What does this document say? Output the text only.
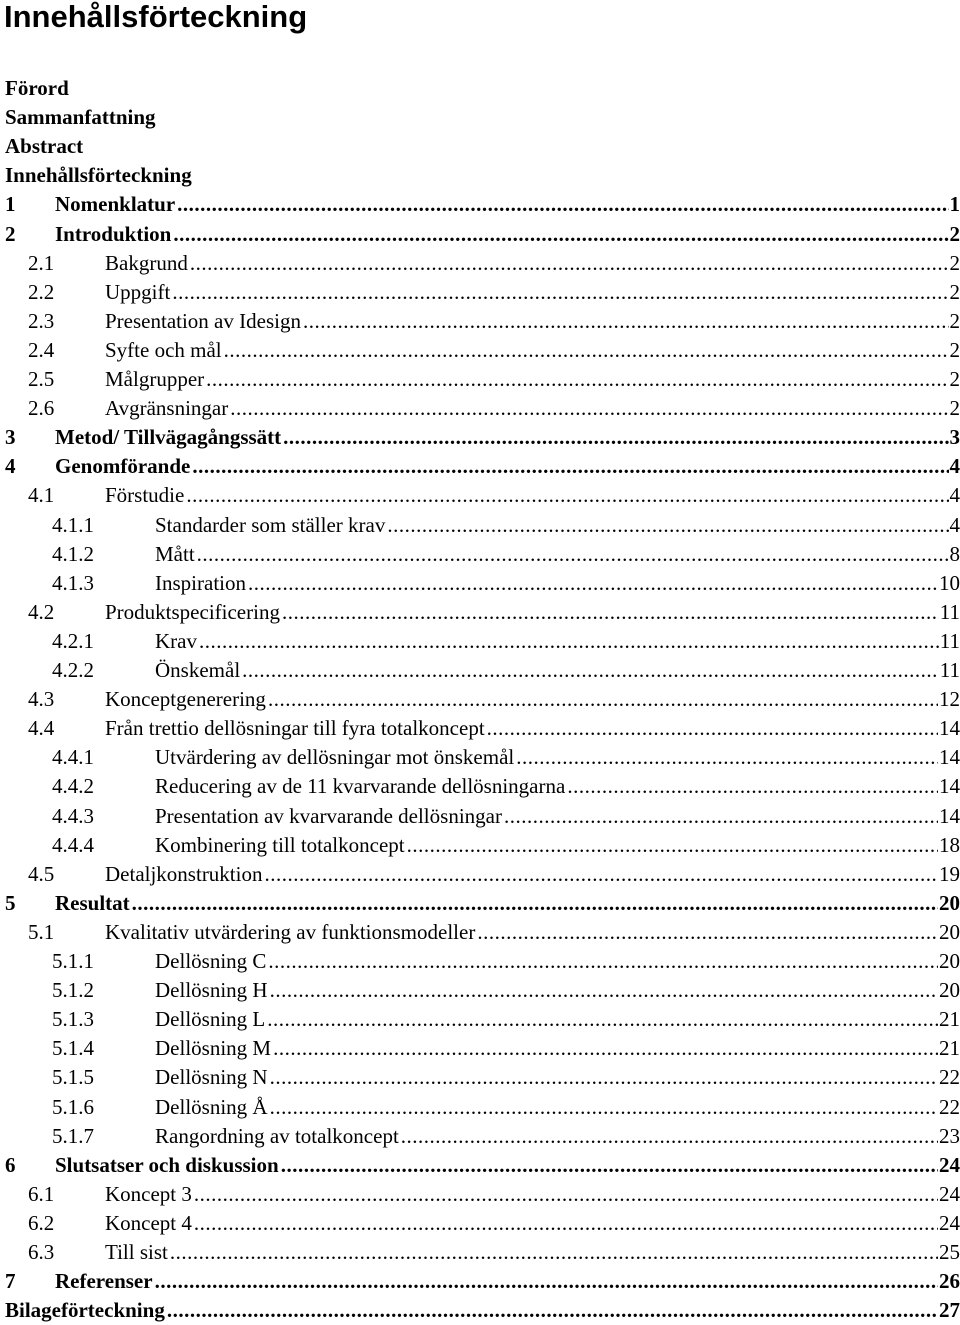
Innehållsförteckning
Förord
Sammanfattning
Abstract
Innehållsförteckning
1	Nomenklatur .....	1
2	Introduktion .....	2
2.1	Bakgrund .....	2
2.2	Uppgift .....	2
2.3	Presentation av Idesign .....	2
2.4	Syfte och mål .....	2
2.5	Målgrupper .....	2
2.6	Avgränsningar .....	2
3	Metod/ Tillvägagångssätt .....	3
4	Genomförande .....	4
4.1	Förstudie .....	4
4.1.1	Standarder som ställer krav .....	4
4.1.2	Mått .....	8
4.1.3	Inspiration .....	10
4.2	Produktspecificering .....	11
4.2.1	Krav .....	11
4.2.2	Önskemål .....	11
4.3	Konceptgenerering .....	12
4.4	Från trettio dellösningar till fyra totalkoncept .....	14
4.4.1	Utvärdering av dellösningar mot önskemål .....	14
4.4.2	Reducering av de 11 kvarvarande dellösningarna .....	14
4.4.3	Presentation av kvarvarande dellösningar .....	14
4.4.4	Kombinering till totalkoncept .....	18
4.5	Detaljkonstruktion .....	19
5	Resultat .....	20
5.1	Kvalitativ utvärdering av funktionsmodeller .....	20
5.1.1	Dellösning C .....	20
5.1.2	Dellösning H .....	20
5.1.3	Dellösning L .....	21
5.1.4	Dellösning M .....	21
5.1.5	Dellösning N .....	22
5.1.6	Dellösning Å .....	22
5.1.7	Rangordning av totalkoncept .....	23
6	Slutsatser och diskussion .....	24
6.1	Koncept 3 .....	24
6.2	Koncept 4 .....	24
6.3	Till sist .....	25
7	Referenser .....	26
Bilageförteckning .....	27
